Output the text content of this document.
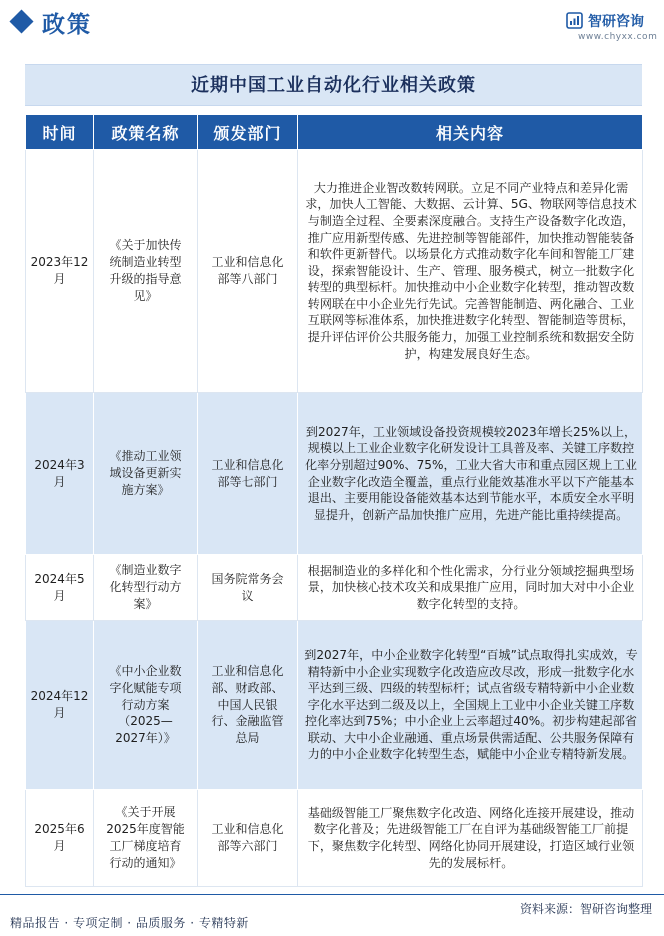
政策	智研咨询
www.chyxx.com
近期中国工业自动化行业相关政策
时间	政策名称	颁发部门	相关内容
2023年12月	《关于加快传统制造业转型升级的指导意见》	工业和信息化部等八部门	大力推进企业智改数转网联。立足不同产业特点和差异化需求，加快人工智能、大数据、云计算、5G、物联网等信息技术与制造全过程、全要素深度融合。支持生产设备数字化改造，推广应用新型传感、先进控制等智能部件，加快推动智能装备和软件更新替代。以场景化方式推动数字化车间和智能工厂建设，探索智能设计、生产、管理、服务模式，树立一批数字化转型的典型标杆。加快推动中小企业数字化转型，推动智改数转网联在中小企业先行先试。完善智能制造、两化融合、工业互联网等标准体系，加快推进数字化转型、智能制造等贯标，提升评估评价公共服务能力，加强工业控制系统和数据安全防护，构建发展良好生态。
2024年3月	《推动工业领域设备更新实施方案》	工业和信息化部等七部门	到2027年，工业领域设备投资规模较2023年增长25%以上，规模以上工业企业数字化研发设计工具普及率、关键工序数控化率分别超过90%、75%，工业大省大市和重点园区规上工业企业数字化改造全覆盖，重点行业能效基准水平以下产能基本退出、主要用能设备能效基本达到节能水平，本质安全水平明显提升，创新产品加快推广应用，先进产能比重持续提高。
2024年5月	《制造业数字化转型行动方案》	国务院常务会议	根据制造业的多样化和个性化需求，分行业分领域挖掘典型场景，加快核心技术攻关和成果推广应用，同时加大对中小企业数字化转型的支持。
2024年12月	《中小企业数字化赋能专项行动方案（2025—2027年）》	工业和信息化部、财政部、中国人民银行、金融监管总局	到2027年，中小企业数字化转型“百城”试点取得扎实成效，专精特新中小企业实现数字化改造应改尽改，形成一批数字化水平达到三级、四级的转型标杆；试点省级专精特新中小企业数字化水平达到二级及以上，全国规上工业中小企业关键工序数控化率达到75%；中小企业上云率超过40%。初步构建起部省联动、大中小企业融通、重点场景供需适配、公共服务保障有力的中小企业数字化转型生态，赋能中小企业专精特新发展。
2025年6月	《关于开展2025年度智能工厂梯度培育行动的通知》	工业和信息化部等六部门	基础级智能工厂聚焦数字化改造、网络化连接开展建设，推动数字化普及；先进级智能工厂在自评为基础级智能工厂前提下，聚焦数字化转型、网络化协同开展建设，打造区域行业领先的发展标杆。
资料来源：智研咨询整理
精品报告 · 专项定制 · 品质服务 · 专精特新
